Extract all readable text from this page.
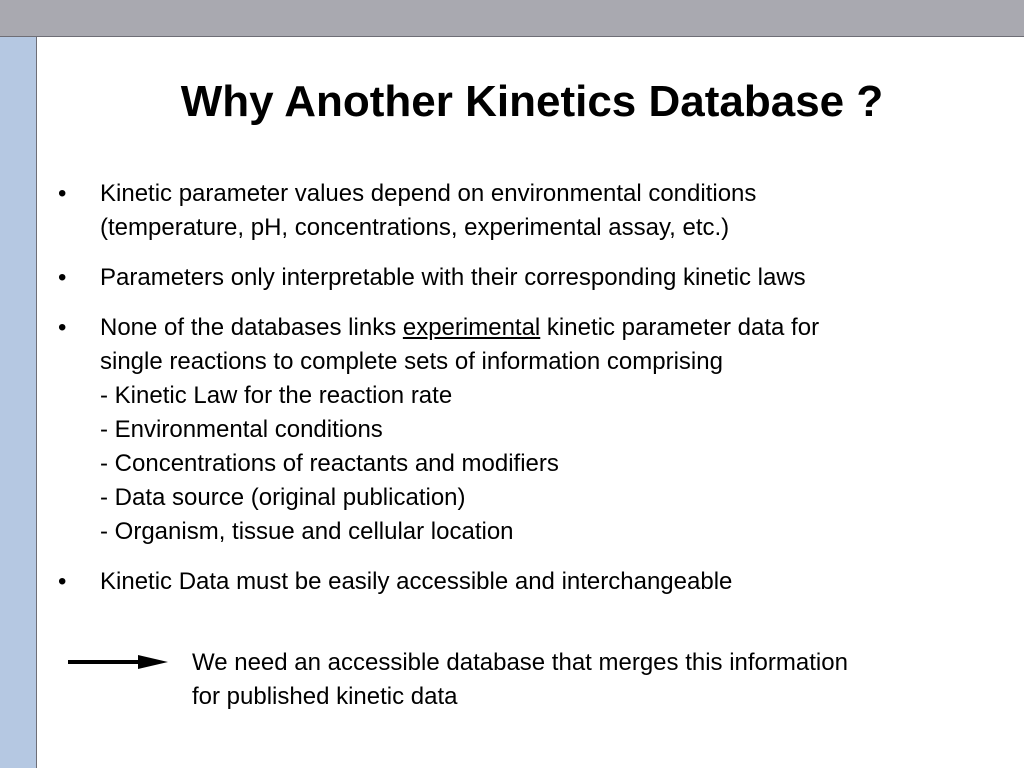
Why Another Kinetics Database ?
• Kinetic parameter values depend on environmental conditions
(temperature, pH, concentrations, experimental assay, etc.)
• Parameters only interpretable with their corresponding kinetic laws
• None of the databases links experimental kinetic parameter data for
single reactions to complete sets of information comprising
- Kinetic Law for the reaction rate
- Environmental conditions
- Concentrations of reactants and modifiers
- Data source (original publication)
- Organism, tissue and cellular location
• Kinetic Data must be easily accessible and interchangeable
We need an accessible database that merges this information
for published kinetic data
